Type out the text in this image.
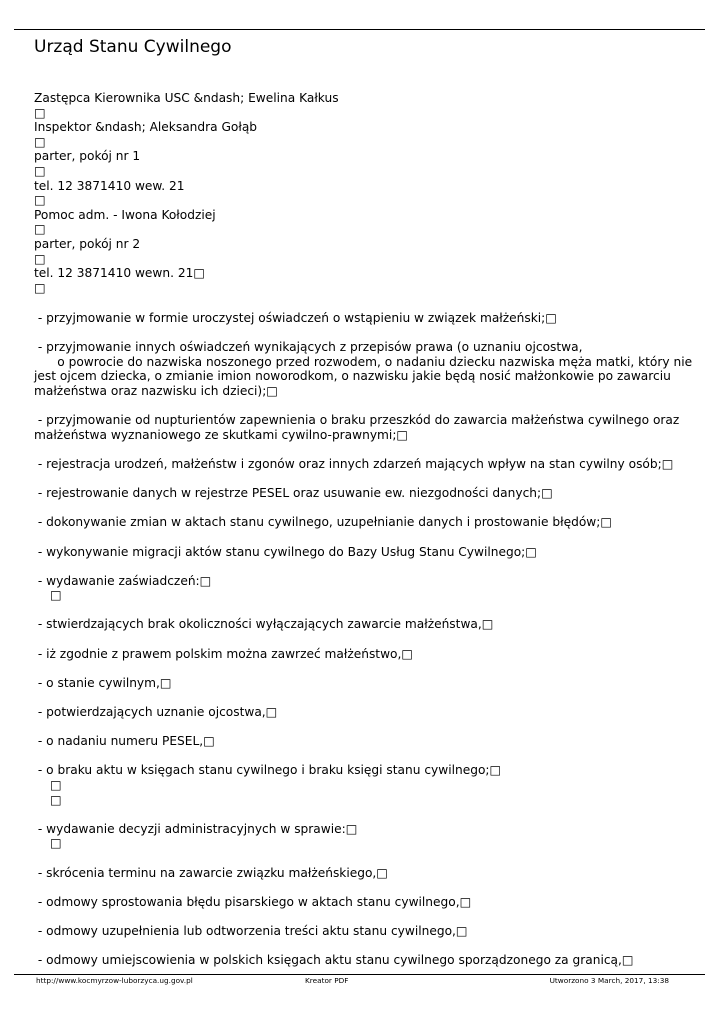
Urząd Stanu Cywilnego
Zastępca Kierownika USC &ndash; Ewelina Kałkus
□
Inspektor &ndash; Aleksandra Gołąb
□
parter, pokój nr 1
□
tel. 12 3871410 wew. 21
□
Pomoc adm. - Iwona Kołodziej
□
parter, pokój nr 2
□
tel. 12 3871410 wewn. 21□
□
- przyjmowanie w formie uroczystej oświadczeń o wstąpieniu w związek małżeński;□
- przyjmowanie innych oświadczeń wynikających z przepisów prawa (o uznaniu ojcostwa,
o powrocie do nazwiska noszonego przed rozwodem, o nadaniu dziecku nazwiska męża matki, który nie jest ojcem dziecka, o zmianie imion noworodkom, o nazwisku jakie będą nosić małżonkowie po zawarciu małżeństwa oraz nazwisku ich dzieci);□
- przyjmowanie od nupturientów zapewnienia o braku przeszkód do zawarcia małżeństwa cywilnego oraz małżeństwa wyznaniowego ze skutkami cywilno-prawnymi;□
- rejestracja urodzeń, małżeństw i zgonów oraz innych zdarzeń mających wpływ na stan cywilny osób;□
- rejestrowanie danych w rejestrze PESEL oraz usuwanie ew. niezgodności danych;□
- dokonywanie zmian w aktach stanu cywilnego, uzupełnianie danych i prostowanie błędów;□
- wykonywanie migracji aktów stanu cywilnego do Bazy Usług Stanu Cywilnego;□
- wydawanie zaświadczeń:□
□
- stwierdzających brak okoliczności wyłączających zawarcie małżeństwa,□
- iż zgodnie z prawem polskim można zawrzeć małżeństwo,□
- o stanie cywilnym,□
- potwierdzających uznanie ojcostwa,□
- o nadaniu numeru PESEL,□
- o braku aktu w księgach stanu cywilnego i braku księgi stanu cywilnego;□
□
□
- wydawanie decyzji administracyjnych w sprawie:□
□
- skrócenia terminu na zawarcie związku małżeńskiego,□
- odmowy sprostowania błędu pisarskiego w aktach stanu cywilnego,□
- odmowy uzupełnienia lub odtworzenia treści aktu stanu cywilnego,□
- odmowy umiejscowienia w polskich księgach aktu stanu cywilnego sporządzonego za granicą,□
http://www.kocmyrzow-luborzyca.ug.gov.pl	Kreator PDF	Utworzono 3 March, 2017, 13:38
